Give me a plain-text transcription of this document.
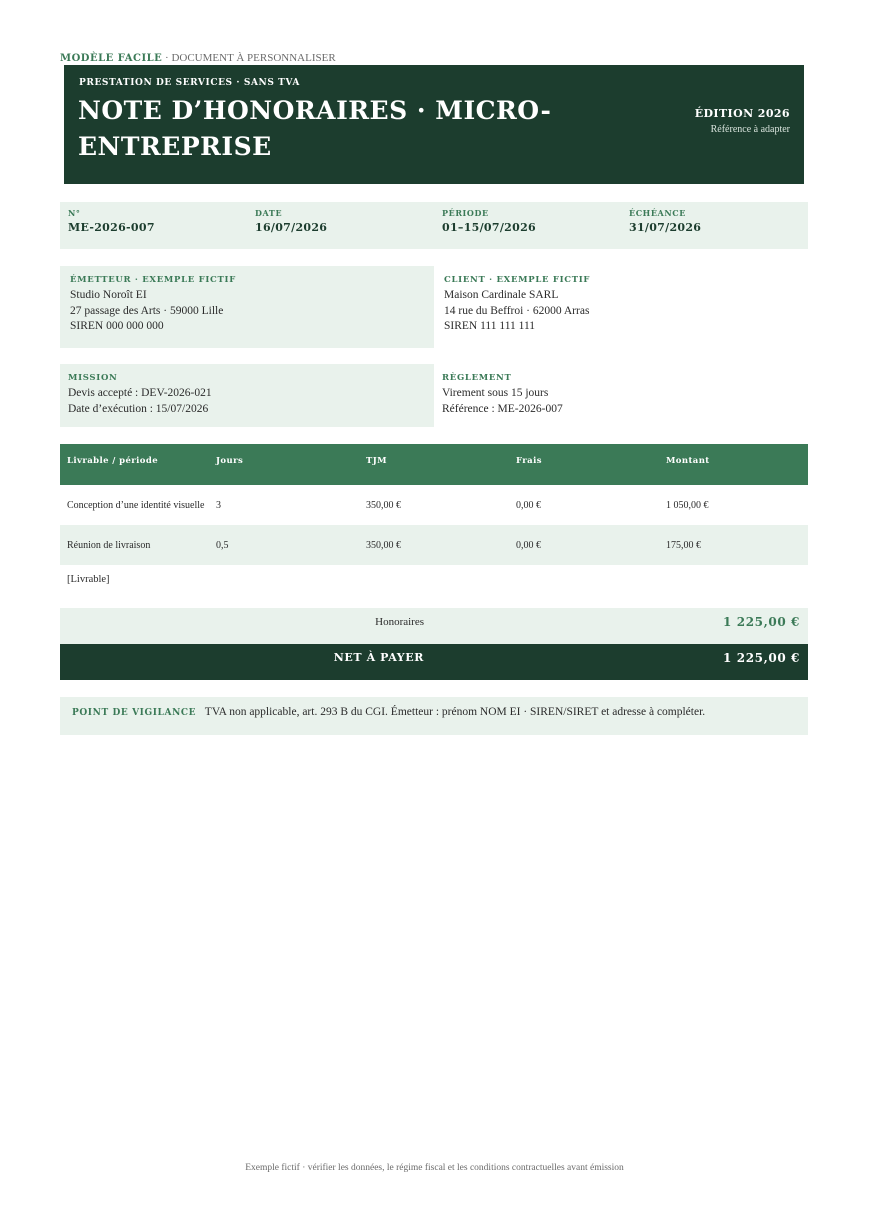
MODÈLE FACILE · DOCUMENT À PERSONNALISER
PRESTATION DE SERVICES · SANS TVA
NOTE D’HONORAIRES · MICRO-ENTREPRISE
ÉDITION 2026
Référence à adapter
N°
ME-2026-007
DATE
16/07/2026
PÉRIODE
01–15/07/2026
ÉCHÉANCE
31/07/2026
ÉMETTEUR · EXEMPLE FICTIF
Studio Noroît EI
27 passage des Arts · 59000 Lille
SIREN 000 000 000
CLIENT · EXEMPLE FICTIF
Maison Cardinale SARL
14 rue du Beffroi · 62000 Arras
SIREN 111 111 111
MISSION
Devis accepté : DEV-2026-021
Date d’exécution : 15/07/2026
RÈGLEMENT
Virement sous 15 jours
Référence : ME-2026-007
Livrable / période	Jours	TJM	Frais	Montant
Conception d’une identité visuelle	3	350,00 €	0,00 €	1 050,00 €
Réunion de livraison	0,5	350,00 €	0,00 €	175,00 €
[Livrable]				
Honoraires	1 225,00 €
NET À PAYER	1 225,00 €
POINT DE VIGILANCE TVA non applicable, art. 293 B du CGI. Émetteur : prénom NOM EI · SIREN/SIRET et adresse à compléter.
Exemple fictif · vérifier les données, le régime fiscal et les conditions contractuelles avant émission
